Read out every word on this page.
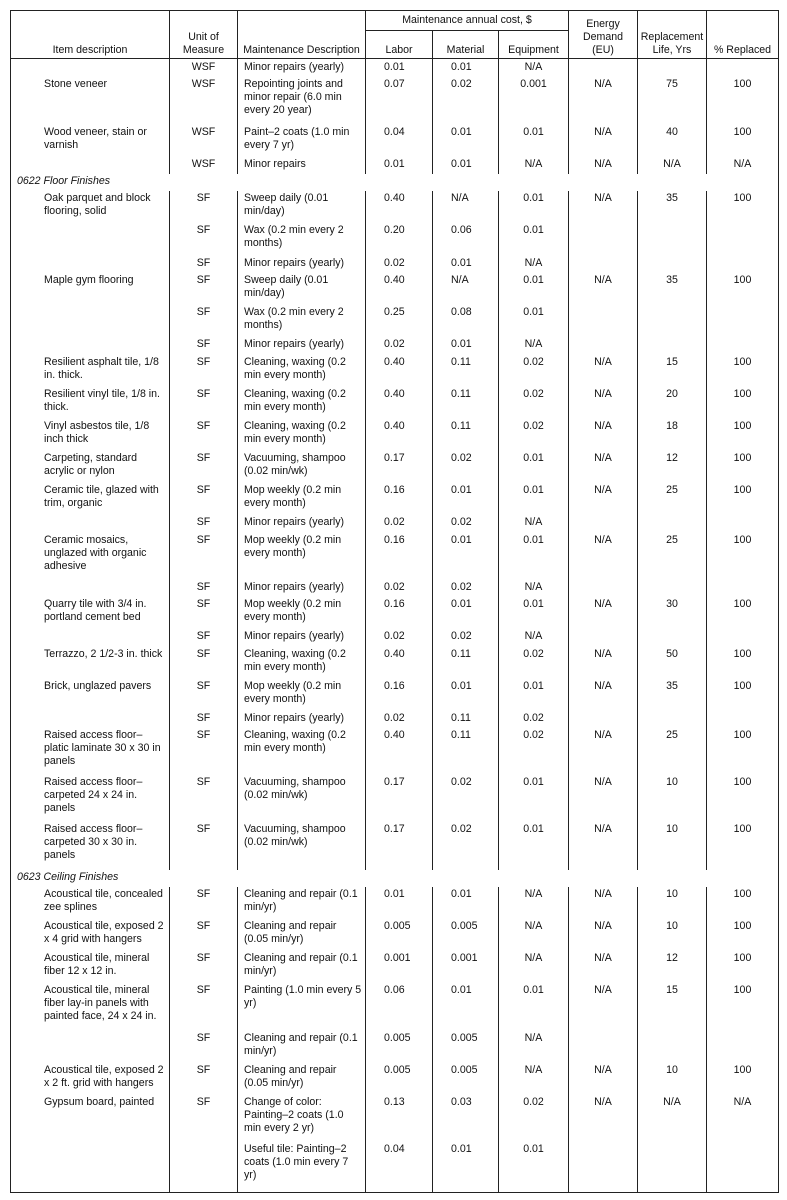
Item description	Unit of Measure	Maintenance Description	Maintenance annual cost, $			Energy Demand (EU)	Replacement Life, Yrs	% Replaced
			Labor	Material	Equipment			
	WSF	Minor repairs (yearly)	0.01	0.01	N/A			
Stone veneer	WSF	Repointing joints and minor repair (6.0 min every 20 year)	0.07	0.02	0.001	N/A	75	100
Wood veneer, stain or varnish	WSF	Paint–2 coats (1.0 min every 7 yr)	0.04	0.01	0.01	N/A	40	100
	WSF	Minor repairs	0.01	0.01	N/A	N/A	N/A	N/A
0622 Floor Finishes								
Oak parquet and block flooring, solid	SF	Sweep daily (0.01 min/day)	0.40	N/A	0.01	N/A	35	100
	SF	Wax (0.2 min every 2 months)	0.20	0.06	0.01			
	SF	Minor repairs (yearly)	0.02	0.01	N/A			
Maple gym flooring	SF	Sweep daily (0.01 min/day)	0.40	N/A	0.01	N/A	35	100
	SF	Wax (0.2 min every 2 months)	0.25	0.08	0.01			
	SF	Minor repairs (yearly)	0.02	0.01	N/A			
Resilient asphalt tile, 1/8 in. thick.	SF	Cleaning, waxing (0.2 min every month)	0.40	0.11	0.02	N/A	15	100
Resilient vinyl tile, 1/8 in. thick.	SF	Cleaning, waxing (0.2 min every month)	0.40	0.11	0.02	N/A	20	100
Vinyl asbestos tile, 1/8 inch thick	SF	Cleaning, waxing (0.2 min every month)	0.40	0.11	0.02	N/A	18	100
Carpeting, standard acrylic or nylon	SF	Vacuuming, shampoo (0.02 min/wk)	0.17	0.02	0.01	N/A	12	100
Ceramic tile, glazed with trim, organic	SF	Mop weekly (0.2 min every month)	0.16	0.01	0.01	N/A	25	100
	SF	Minor repairs (yearly)	0.02	0.02	N/A			
Ceramic mosaics, unglazed with organic adhesive	SF	Mop weekly (0.2 min every month)	0.16	0.01	0.01	N/A	25	100
	SF	Minor repairs (yearly)	0.02	0.02	N/A			
Quarry tile with 3/4 in. portland cement bed	SF	Mop weekly (0.2 min every month)	0.16	0.01	0.01	N/A	30	100
	SF	Minor repairs (yearly)	0.02	0.02	N/A			
Terrazzo, 2 1/2-3 in. thick	SF	Cleaning, waxing (0.2 min every month)	0.40	0.11	0.02	N/A	50	100
Brick, unglazed pavers	SF	Mop weekly (0.2 min every month)	0.16	0.01	0.01	N/A	35	100
	SF	Minor repairs (yearly)	0.02	0.11	0.02			
Raised access floor– platic laminate 30 x 30 in panels	SF	Cleaning, waxing (0.2 min every month)	0.40	0.11	0.02	N/A	25	100
Raised access floor– carpeted 24 x 24 in. panels	SF	Vacuuming, shampoo (0.02 min/wk)	0.17	0.02	0.01	N/A	10	100
Raised access floor– carpeted 30 x 30 in. panels	SF	Vacuuming, shampoo (0.02 min/wk)	0.17	0.02	0.01	N/A	10	100
0623 Ceiling Finishes								
Acoustical tile, concealed zee splines	SF	Cleaning and repair (0.1 min/yr)	0.01	0.01	N/A	N/A	10	100
Acoustical tile, exposed 2 x 4 grid with hangers	SF	Cleaning and repair (0.05 min/yr)	0.005	0.005	N/A	N/A	10	100
Acoustical tile, mineral fiber 12 x 12 in.	SF	Cleaning and repair (0.1 min/yr)	0.001	0.001	N/A	N/A	12	100
Acoustical tile, mineral fiber lay-in panels with painted face, 24 x 24 in.	SF	Painting (1.0 min every 5 yr)	0.06	0.01	0.01	N/A	15	100
	SF	Cleaning and repair (0.1 min/yr)	0.005	0.005	N/A			
Acoustical tile, exposed 2 x 2 ft. grid with hangers	SF	Cleaning and repair (0.05 min/yr)	0.005	0.005	N/A	N/A	10	100
Gypsum board, painted	SF	Change of color: Painting–2 coats (1.0 min every 2 yr)	0.13	0.03	0.02	N/A	N/A	N/A
		Useful tile: Painting–2 coats (1.0 min every 7 yr)	0.04	0.01	0.01			
